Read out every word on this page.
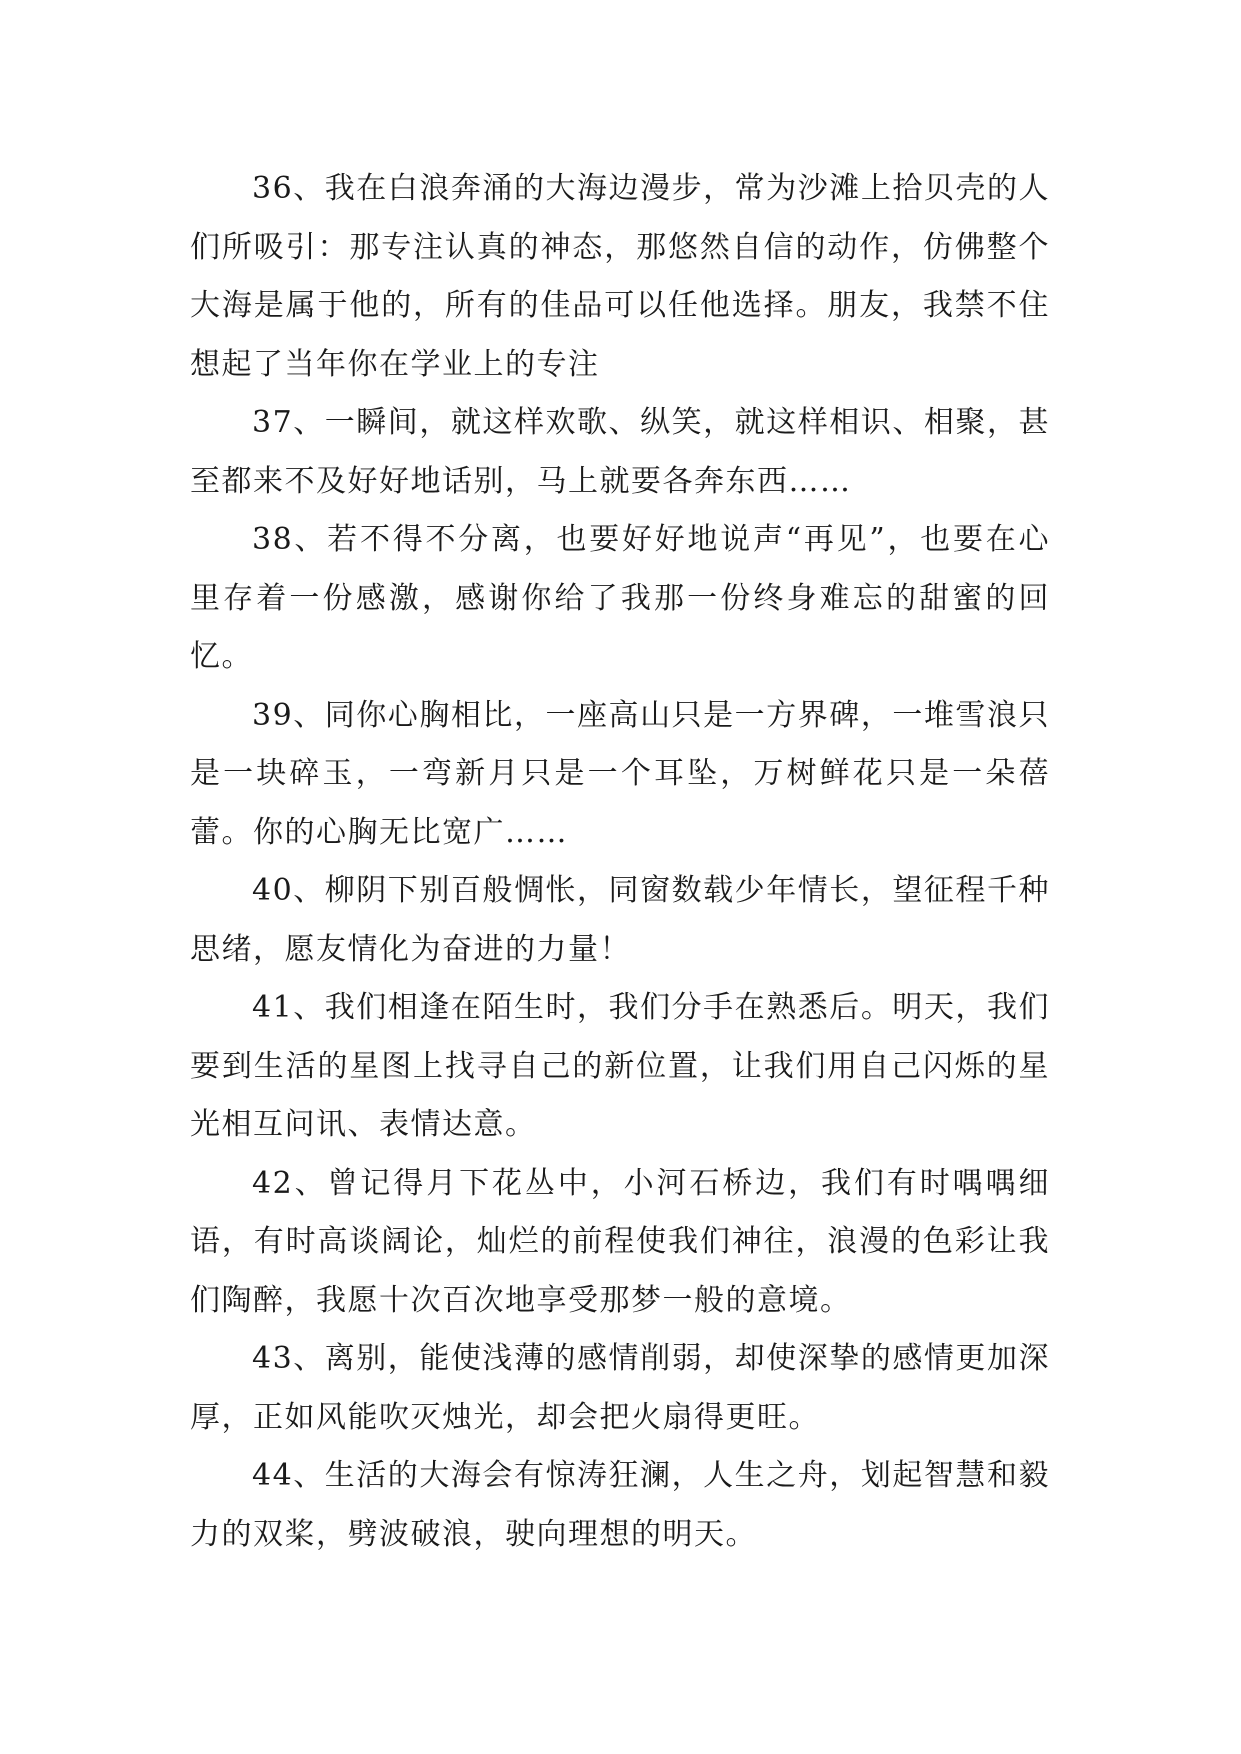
36、我在白浪奔涌的大海边漫步，常为沙滩上拾贝壳的人们所吸引：那专注认真的神态，那悠然自信的动作，仿佛整个大海是属于他的，所有的佳品可以任他选择。朋友，我禁不住想起了当年你在学业上的专注

37、一瞬间，就这样欢歌、纵笑，就这样相识、相聚，甚至都来不及好好地话别，马上就要各奔东西……

38、若不得不分离，也要好好地说声“再见”，也要在心里存着一份感激，感谢你给了我那一份终身难忘的甜蜜的回忆。

39、同你心胸相比，一座高山只是一方界碑，一堆雪浪只是一块碎玉，一弯新月只是一个耳坠，万树鲜花只是一朵蓓蕾。你的心胸无比宽广……

40、柳阴下别百般惆怅，同窗数载少年情长，望征程千种思绪，愿友情化为奋进的力量！

41、我们相逢在陌生时，我们分手在熟悉后。明天，我们要到生活的星图上找寻自己的新位置，让我们用自己闪烁的星光相互问讯、表情达意。

42、曾记得月下花丛中，小河石桥边，我们有时喁喁细语，有时高谈阔论，灿烂的前程使我们神往，浪漫的色彩让我们陶醉，我愿十次百次地享受那梦一般的意境。

43、离别，能使浅薄的感情削弱，却使深挚的感情更加深厚，正如风能吹灭烛光，却会把火扇得更旺。

44、生活的大海会有惊涛狂澜，人生之舟，划起智慧和毅力的双桨，劈波破浪，驶向理想的明天。
